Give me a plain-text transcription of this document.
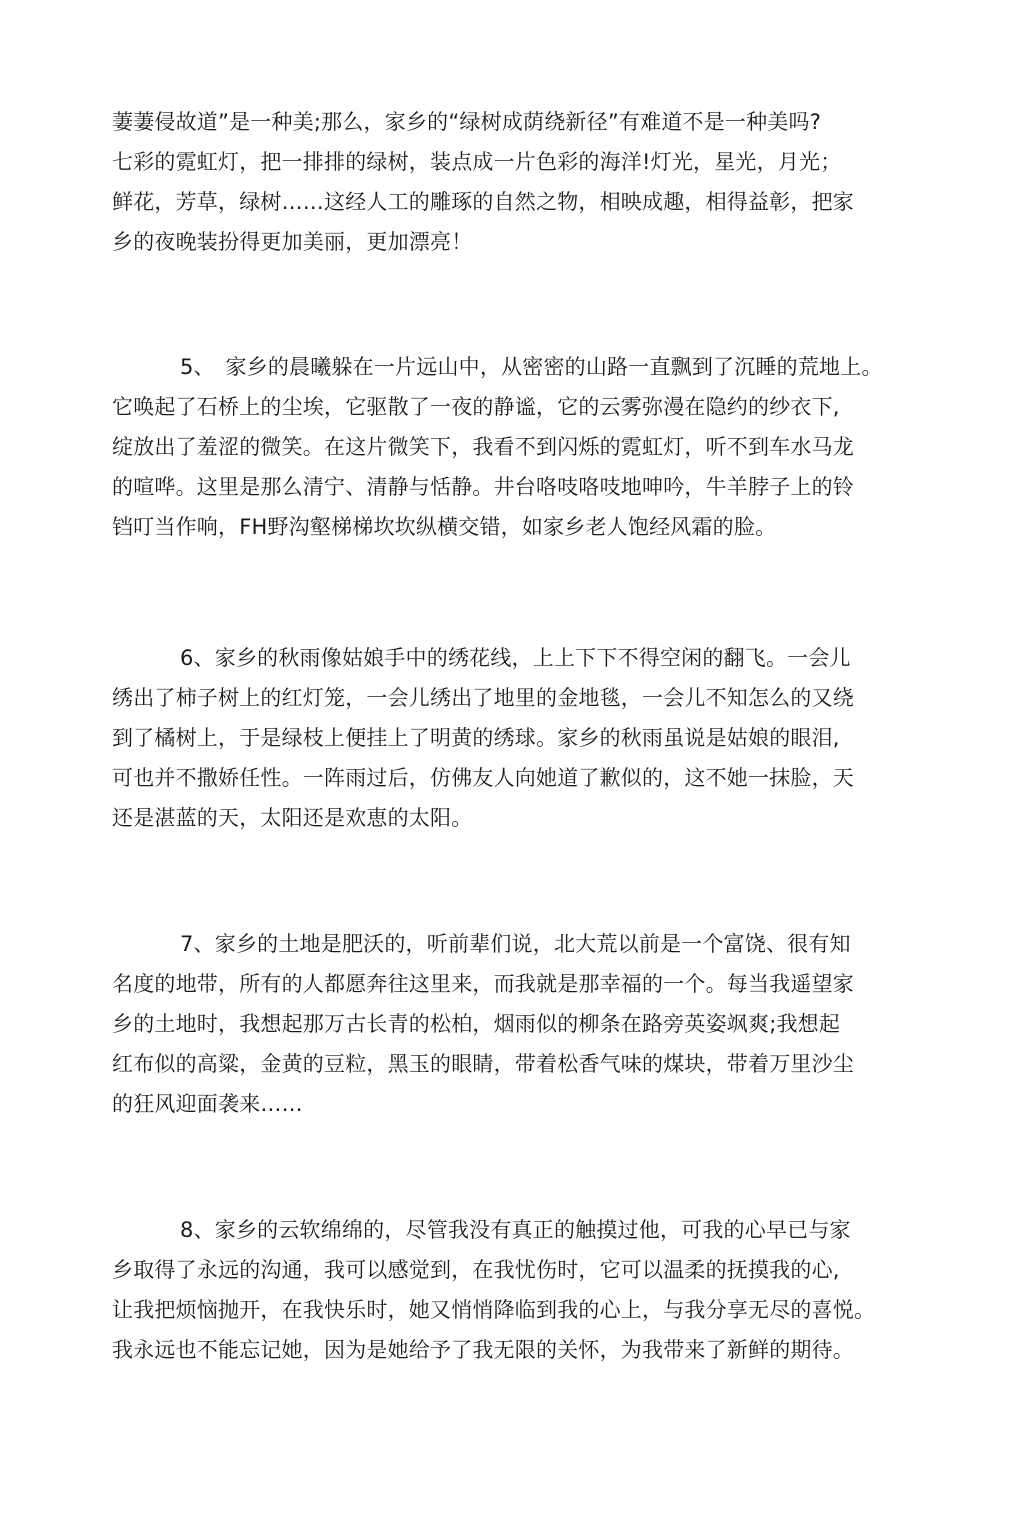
萋萋侵故道”是一种美;那么，家乡的“绿树成荫绕新径”有难道不是一种美吗?
七彩的霓虹灯，把一排排的绿树，装点成一片色彩的海洋!灯光，星光，月光；
鲜花，芳草，绿树……这经人工的雕琢的自然之物，相映成趣，相得益彰，把家
乡的夜晚装扮得更加美丽，更加漂亮！
5、　家乡的晨曦躲在一片远山中，从密密的山路一直飘到了沉睡的荒地上。
它唤起了石桥上的尘埃，它驱散了一夜的静谧，它的云雾弥漫在隐约的纱衣下,
绽放出了羞涩的微笑。在这片微笑下，我看不到闪烁的霓虹灯，听不到车水马龙
的喧哗。这里是那么清宁、清静与恬静。井台咯吱咯吱地呻吟，牛羊脖子上的铃
铛叮当作响，FH野沟壑梯梯坎坎纵横交错，如家乡老人饱经风霜的脸。
6、家乡的秋雨像姑娘手中的绣花线，上上下下不得空闲的翻飞。一会儿
绣出了柿子树上的红灯笼，一会儿绣出了地里的金地毯，一会儿不知怎么的又绕
到了橘树上，于是绿枝上便挂上了明黄的绣球。家乡的秋雨虽说是姑娘的眼泪,
可也并不撒娇任性。一阵雨过后，仿佛友人向她道了歉似的，这不她一抹脸，天
还是湛蓝的天，太阳还是欢恵的太阳。
7、家乡的土地是肥沃的，听前辈们说，北大荒以前是一个富饶、很有知
名度的地带，所有的人都愿奔往这里来，而我就是那幸福的一个。每当我遥望家
乡的土地时，我想起那万古长青的松柏，烟雨似的柳条在路旁英姿飒爽;我想起
红布似的高粱，金黄的豆粒，黑玉的眼睛，带着松香气味的煤块，带着万里沙尘
的狂风迎面袭来……
8、家乡的云软绵绵的，尽管我没有真正的触摸过他，可我的心早已与家
乡取得了永远的沟通，我可以感觉到，在我忧伤时，它可以温柔的抚摸我的心,
让我把烦恼抛开，在我快乐时，她又悄悄降临到我的心上，与我分享无尽的喜悦。
我永远也不能忘记她，因为是她给予了我无限的关怀，为我带来了新鲜的期待。
